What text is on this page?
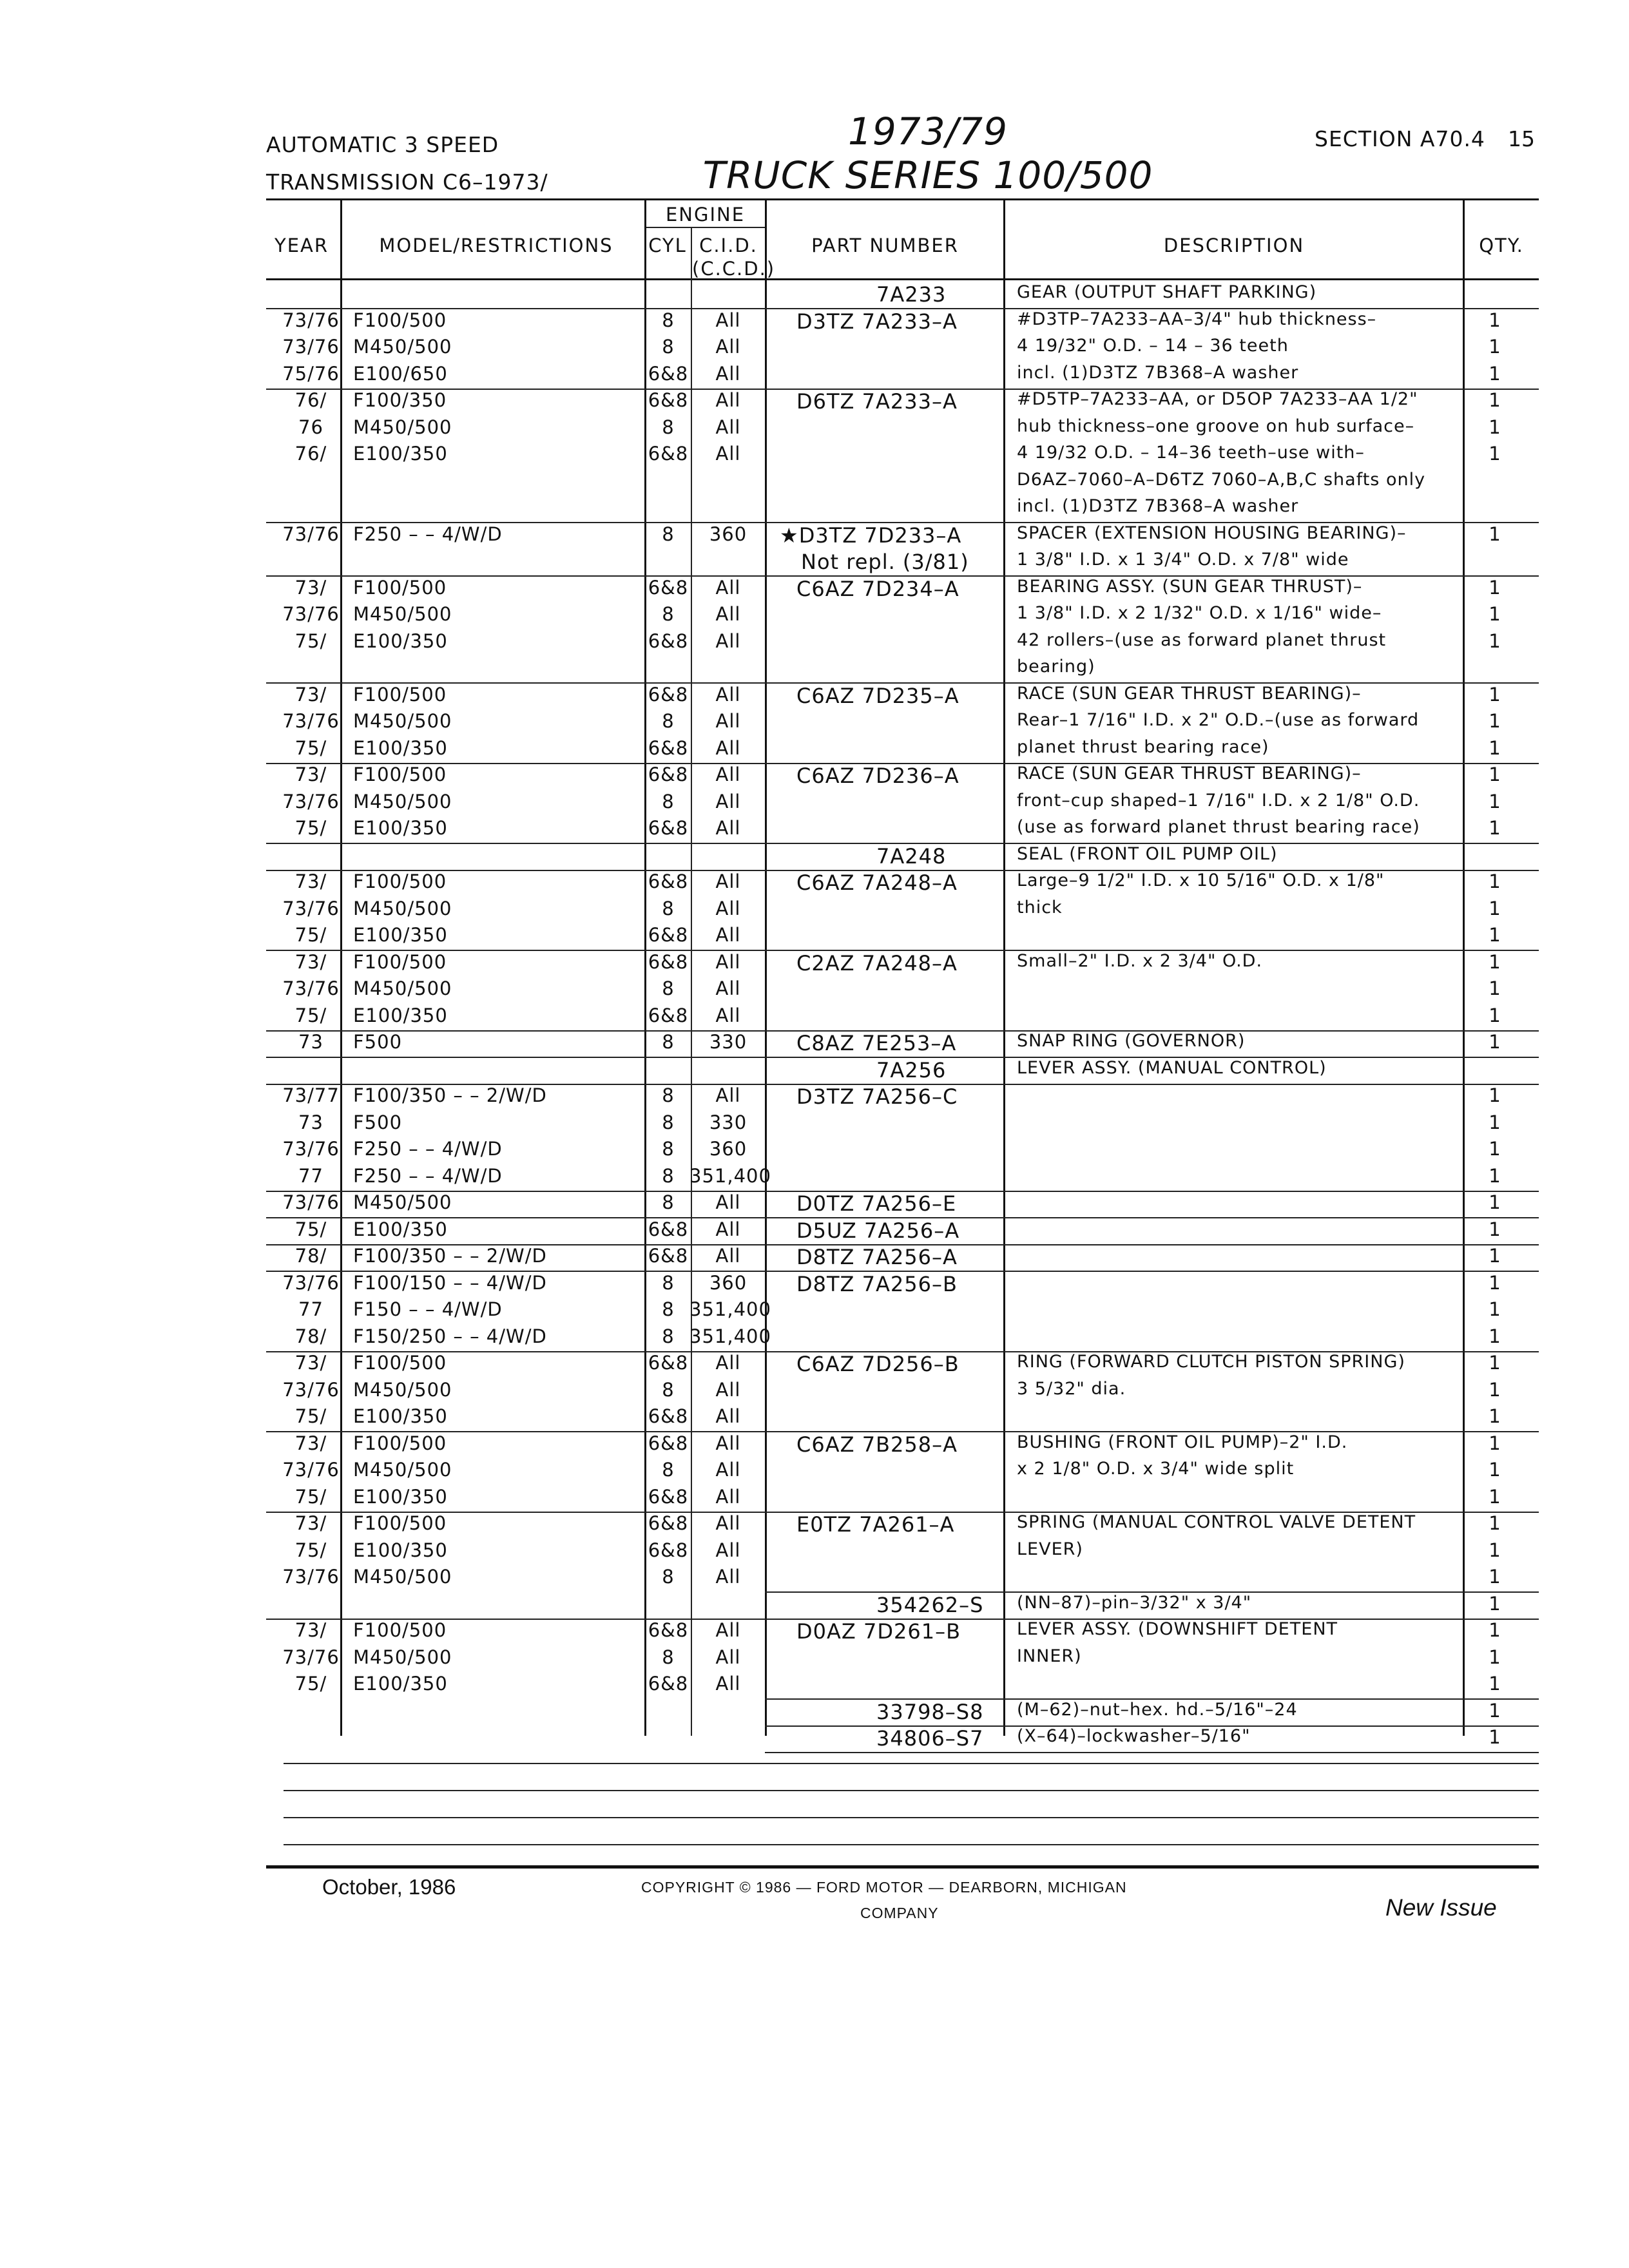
AUTOMATIC 3 SPEED
TRANSMISSION C6–1973/
1973/79
TRUCK SERIES 100/500
SECTION A70.4 15
YEAR	MODEL/RESTRICTIONS
ENGINE
CYL C.I.D.
(C.C.D.)
PART NUMBER	DESCRIPTION	QTY.
7A233	GEAR (OUTPUT SHAFT PARKING)
73/76 F100/500	8	All	D3TZ 7A233–A	#D3TP–7A233–AA–3/4" hub thickness–	1
73/76 M450/500	8	All	4 19/32" O.D. – 14 – 36 teeth	1
75/76 E100/650	6&8	All	incl. (1)D3TZ 7B368–A washer	1
76/	F100/350	6&8	All	D6TZ 7A233–A	#D5TP–7A233–AA, or D5OP 7A233–AA 1/2"	1
76	M450/500	8	All	hub thickness–one groove on hub surface–	1
76/	E100/350	6&8	All	4 19/32 O.D. – 14–36 teeth–use with–	1
D6AZ–7060–A–D6TZ 7060–A,B,C shafts only
incl. (1)D3TZ 7B368–A washer
73/76 F250 – – 4/W/D	8	360	★D3TZ 7D233–A	SPACER (EXTENSION HOUSING BEARING)–	1
Not repl. (3/81)	1 3/8" I.D. x 1 3/4" O.D. x 7/8" wide
73/	F100/500	6&8	All	C6AZ 7D234–A	BEARING ASSY. (SUN GEAR THRUST)–	1
73/76 M450/500	8	All	1 3/8" I.D. x 2 1/32" O.D. x 1/16" wide–	1
75/	E100/350	6&8	All	42 rollers–(use as forward planet thrust	1
bearing)
73/	F100/500	6&8	All	C6AZ 7D235–A	RACE (SUN GEAR THRUST BEARING)–	1
73/76 M450/500	8	All	Rear–1 7/16" I.D. x 2" O.D.–(use as forward	1
75/	E100/350	6&8	All	planet thrust bearing race)	1
73/	F100/500	6&8	All	C6AZ 7D236–A	RACE (SUN GEAR THRUST BEARING)–	1
73/76 M450/500	8	All	front–cup shaped–1 7/16" I.D. x 2 1/8" O.D.	1
75/	E100/350	6&8	All	(use as forward planet thrust bearing race)	1
7A248	SEAL (FRONT OIL PUMP OIL)
73/	F100/500	6&8	All	C6AZ 7A248–A	Large–9 1/2" I.D. x 10 5/16" O.D. x 1/8"	1
73/76 M450/500	8	All	thick	1
75/	E100/350	6&8	All	1
73/	F100/500	6&8	All	C2AZ 7A248–A	Small–2" I.D. x 2 3/4" O.D.	1
73/76 M450/500	8	All	1
75/	E100/350	6&8	All	1
73	F500	8	330	C8AZ 7E253–A	SNAP RING (GOVERNOR)	1
7A256	LEVER ASSY. (MANUAL CONTROL)
73/77 F100/350 – – 2/W/D	8	All	D3TZ 7A256–C	1
73	F500	8	330	1
73/76 F250 – – 4/W/D	8	360	1
77	F250 – – 4/W/D	8 351,400	1
73/76 M450/500	8	All	D0TZ 7A256–E	1
75/	E100/350	6&8	All	D5UZ 7A256–A	1
78/	F100/350 – – 2/W/D	6&8	All	D8TZ 7A256–A	1
73/76 F100/150 – – 4/W/D	8	360	D8TZ 7A256–B	1
77	F150 – – 4/W/D	8 351,400	1
78/	F150/250 – – 4/W/D	8 351,400	1
73/	F100/500	6&8	All	C6AZ 7D256–B	RING (FORWARD CLUTCH PISTON SPRING)	1
73/76 M450/500	8	All	3 5/32" dia.	1
75/	E100/350	6&8	All	1
73/	F100/500	6&8	All	C6AZ 7B258–A	BUSHING (FRONT OIL PUMP)–2" I.D.	1
73/76 M450/500	8	All	x 2 1/8" O.D. x 3/4" wide split	1
75/	E100/350	6&8	All	1
73/	F100/500	6&8	All	E0TZ 7A261–A	SPRING (MANUAL CONTROL VALVE DETENT	1
75/	E100/350	6&8	All	LEVER)	1
73/76 M450/500	8	All	1
354262–S (NN–87)–pin–3/32" x 3/4"	1
73/	F100/500	6&8	All	D0AZ 7D261–B	LEVER ASSY. (DOWNSHIFT DETENT	1
73/76 M450/500	8	All	INNER)	1
75/	E100/350	6&8	All	1
33798–S8 (M–62)–nut–hex. hd.–5/16"–24	1
34806–S7 (X–64)–lockwasher–5/16"	1
October, 1986	COPYRIGHT © 1986 — FORD MOTOR — DEARBORN, MICHIGAN
COMPANY	New Issue
